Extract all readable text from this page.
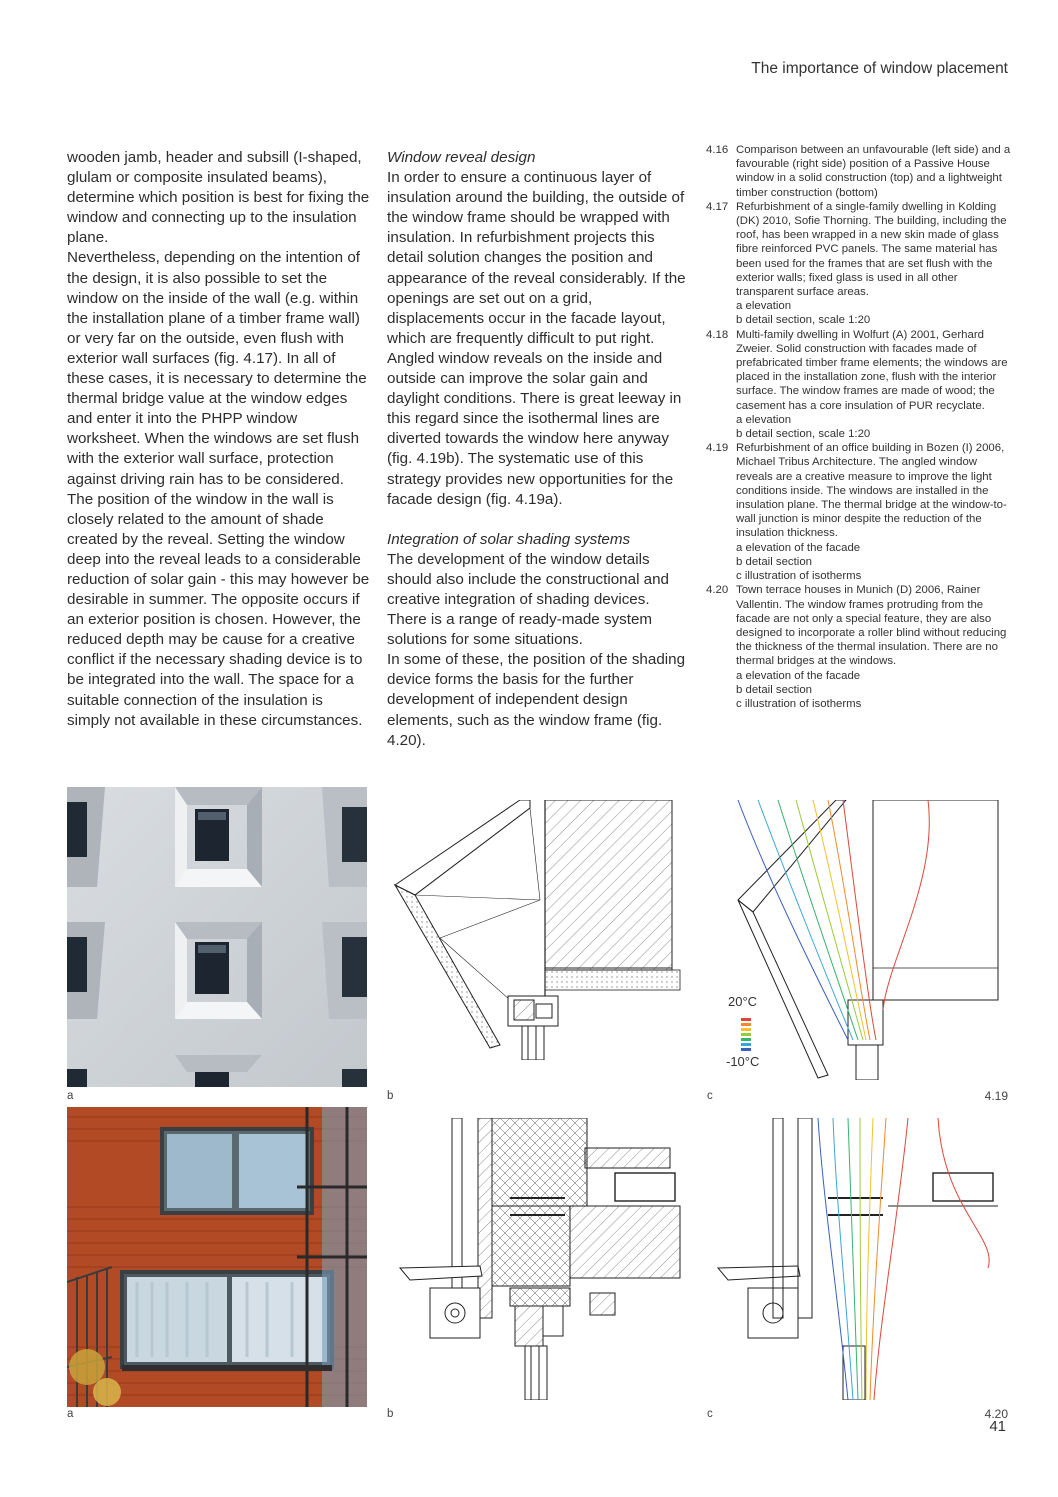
The importance of window placement

wooden jamb, header and subsill (I-shaped, glulam or composite insulated beams), determine which position is best for fixing the window and connecting up to the insulation plane.

Nevertheless, depending on the intention of the design, it is also possible to set the window on the inside of the wall (e.g. within the installation plane of a timber frame wall) or very far on the outside, even flush with exterior wall surfaces (fig. 4.17). In all of these cases, it is necessary to determine the thermal bridge value at the window edges and enter it into the PHPP window worksheet. When the windows are set flush with the exterior wall surface, protection against driving rain has to be considered.

The position of the window in the wall is closely related to the amount of shade created by the reveal. Setting the window deep into the reveal leads to a considerable reduction of solar gain - this may however be desirable in summer. The opposite occurs if an exterior position is chosen. However, the reduced depth may be cause for a creative conflict if the necessary shading device is to be integrated into the wall. The space for a suitable connection of the insulation is simply not available in these circumstances.

Window reveal design

In order to ensure a continuous layer of insulation around the building, the outside of the window frame should be wrapped with insulation. In refurbishment projects this detail solution changes the position and appearance of the reveal considerably. If the openings are set out on a grid, displacements occur in the facade layout, which are frequently difficult to put right.

Angled window reveals on the inside and outside can improve the solar gain and daylight conditions. There is great leeway in this regard since the isothermal lines are diverted towards the window here anyway (fig. 4.19b). The systematic use of this strategy provides new opportunities for the facade design (fig. 4.19a).

Integration of solar shading systems

The development of the window details should also include the constructional and creative integration of shading devices. There is a range of ready-made system solutions for some situations.

In some of these, the position of the shading device forms the basis for the further development of independent design elements, such as the window frame (fig. 4.20).

4.16 Comparison between an unfavourable (left side) and a favourable (right side) position of a Passive House window in a solid construction (top) and a lightweight timber construction (bottom)
4.17 Refurbishment of a single-family dwelling in Kolding (DK) 2010, Sofie Thorning. The building, including the roof, has been wrapped in a new skin made of glass fibre reinforced PVC panels. The same material has been used for the frames that are set flush with the exterior walls; fixed glass is used in all other transparent surface areas.
a elevation
b detail section, scale 1:20
4.18 Multi-family dwelling in Wolfurt (A) 2001, Gerhard Zweier. Solid construction with facades made of prefabricated timber frame elements; the windows are placed in the installation zone, flush with the interior surface. The window frames are made of wood; the casement has a core insulation of PUR recyclate.
a elevation
b detail section, scale 1:20
4.19 Refurbishment of an office building in Bozen (I) 2006, Michael Tribus Architecture. The angled window reveals are a creative measure to improve the light conditions inside. The windows are installed in the insulation plane. The thermal bridge at the window-to-wall junction is minor despite the reduction of the insulation thickness.
a elevation of the facade
b detail section
c illustration of isotherms
4.20 Town terrace houses in Munich (D) 2006, Rainer Vallentin. The window frames protruding from the facade are not only a special feature, they are also designed to incorporate a roller blind without reducing the thickness of the thermal insulation. There are no thermal bridges at the windows.
a elevation of the facade
b detail section
c illustration of isotherms
a	b
20°C
-10°C
c	4.19
a	b	c	4.20
41
